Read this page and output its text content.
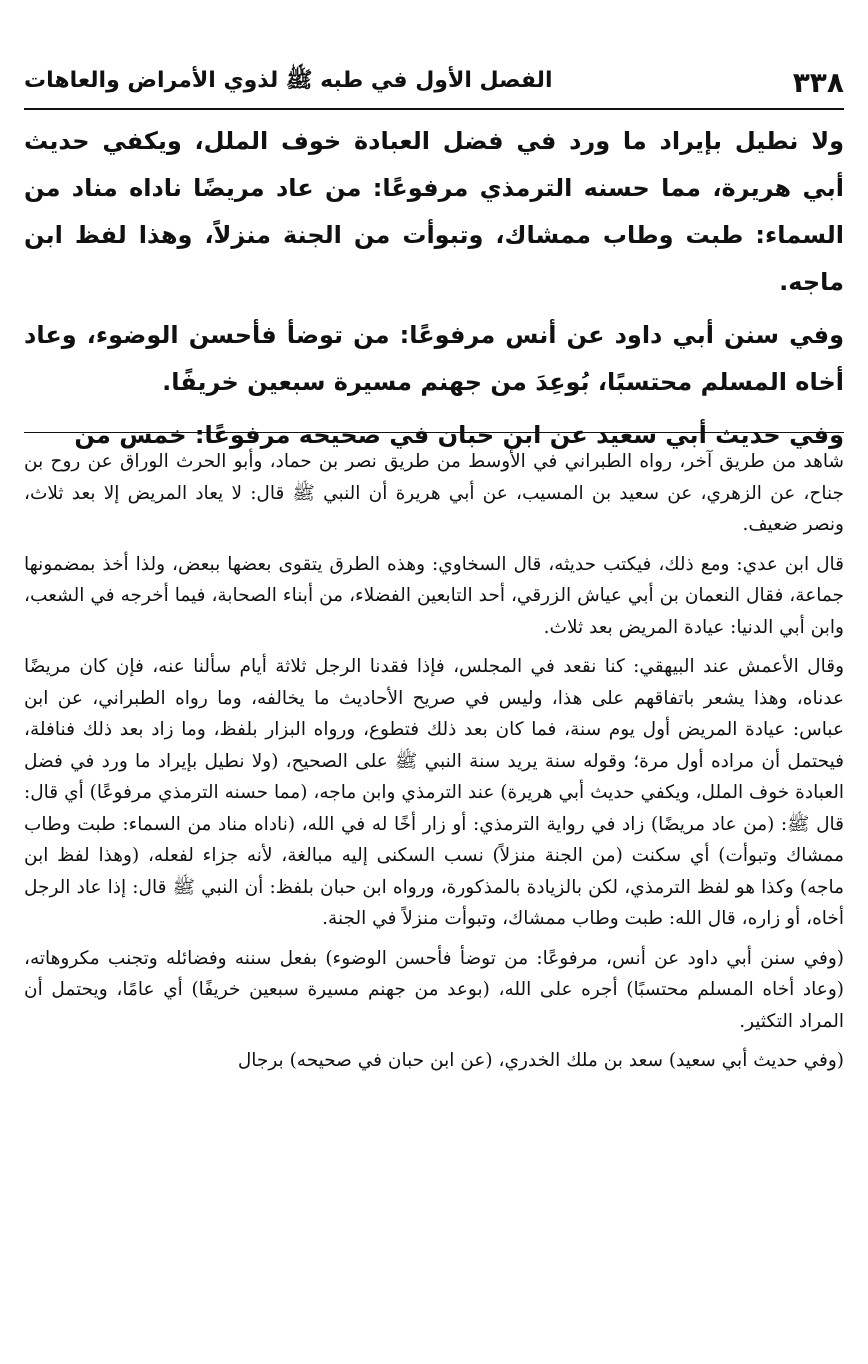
٣٣٨
الفصل الأول في طبه ﷺ لذوي الأمراض والعاهات

ولا نطيل بإيراد ما ورد في فضل العبادة خوف الملل، ويكفي حديث أبي هريرة، مما حسنه الترمذي مرفوعًا: من عاد مريضًا ناداه مناد من السماء: طبت وطاب ممشاك، وتبوأت من الجنة منزلاً، وهذا لفظ ابن ماجه.

وفي سنن أبي داود عن أنس مرفوعًا: من توضأ فأحسن الوضوء، وعاد أخاه المسلم محتسبًا، بُوعِدَ من جهنم مسيرة سبعين خريفًا.

وفي حديث أبي سعيد عن ابن حبان في صحيحه مرفوعًا: خمس من

شاهد من طريق آخر، رواه الطبراني في الأوسط من طريق نصر بن حماد، وأبو الحرث الوراق عن روح بن جناح، عن الزهري، عن سعيد بن المسيب، عن أبي هريرة أن النبي ﷺ قال: لا يعاد المريض إلا بعد ثلاث، ونصر ضعيف.

قال ابن عدي: ومع ذلك، فيكتب حديثه، قال السخاوي: وهذه الطرق يتقوى بعضها ببعض، ولذا أخذ بمضمونها جماعة، فقال النعمان بن أبي عياش الزرقي، أحد التابعين الفضلاء، من أبناء الصحابة، فيما أخرجه في الشعب، وابن أبي الدنيا: عيادة المريض بعد ثلاث.

وقال الأعمش عند البيهقي: كنا نقعد في المجلس، فإذا فقدنا الرجل ثلاثة أيام سألنا عنه، فإن كان مريضًا عدناه، وهذا يشعر باتفاقهم على هذا، وليس في صريح الأحاديث ما يخالفه، وما رواه الطبراني، عن ابن عباس: عيادة المريض أول يوم سنة، فما كان بعد ذلك فتطوع، ورواه البزار بلفظ، وما زاد بعد ذلك فنافلة، فيحتمل أن مراده أول مرة؛ وقوله سنة يريد سنة النبي ﷺ على الصحيح، (ولا نطيل بإيراد ما ورد في فضل العبادة خوف الملل، ويكفي حديث أبي هريرة) عند الترمذي وابن ماجه، (مما حسنه الترمذي مرفوعًا) أي قال: قال ﷺ: (من عاد مريضًا) زاد في رواية الترمذي: أو زار أخًا له في الله، (ناداه مناد من السماء: طبت وطاب ممشاك وتبوأت) أي سكنت (من الجنة منزلاً) نسب السكنى إليه مبالغة، لأنه جزاء لفعله، (وهذا لفظ ابن ماجه) وكذا هو لفظ الترمذي، لكن بالزيادة بالمذكورة، ورواه ابن حبان بلفظ: أن النبي ﷺ قال: إذا عاد الرجل أخاه، أو زاره، قال الله: طبت وطاب ممشاك، وتبوأت منزلاً في الجنة.

(وفي سنن أبي داود عن أنس، مرفوعًا: من توضأ فأحسن الوضوء) بفعل سننه وفضائله وتجنب مكروهاته، (وعاد أخاه المسلم محتسبًا) أجره على الله، (بوعد من جهنم مسيرة سبعين خريفًا) أي عامًا، ويحتمل أن المراد التكثير.

(وفي حديث أبي سعيد) سعد بن ملك الخدري، (عن ابن حبان في صحيحه) برجال
